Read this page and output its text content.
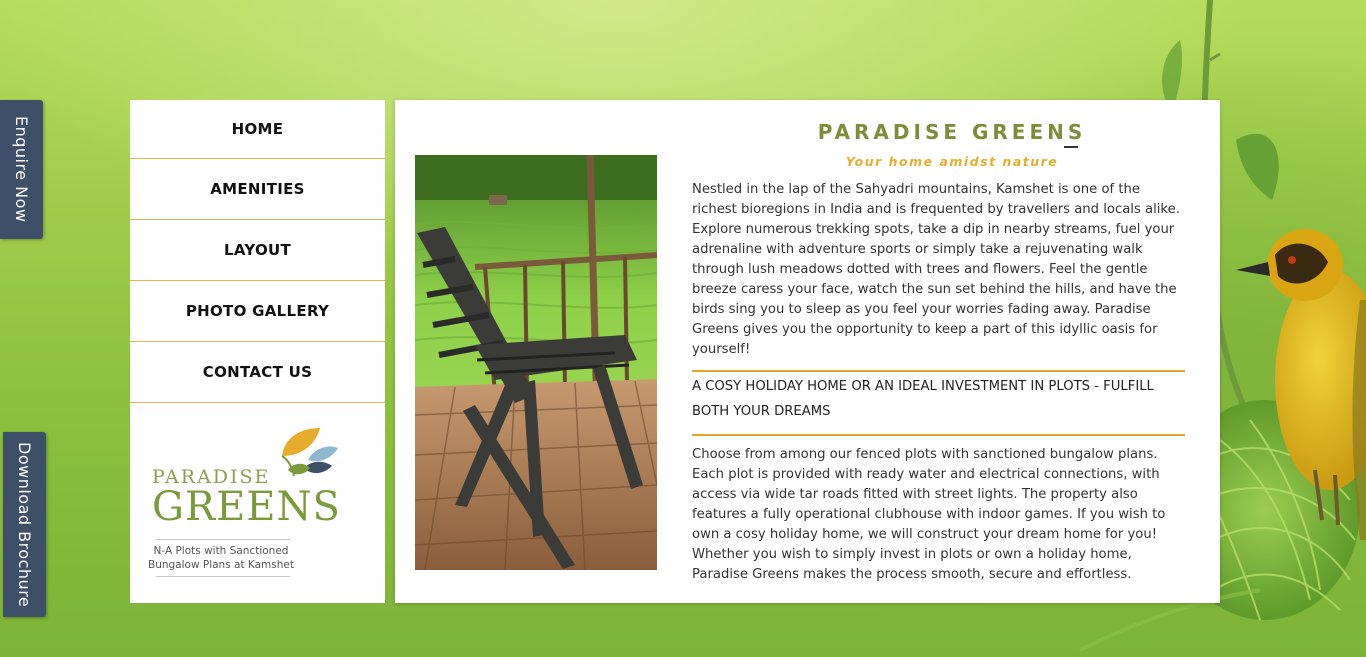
Enquire Now
Download Brochure
HOME
AMENITIES
LAYOUT
PHOTO GALLERY
CONTACT US
PARADISE
GREENS
N-A Plots with Sanctioned
Bungalow Plans at Kamshet
PARADISE GREENS
Your home amidst nature

Nestled in the lap of the Sahyadri mountains, Kamshet is one of the richest bioregions in India and is frequented by travellers and locals alike. Explore numerous trekking spots, take a dip in nearby streams, fuel your adrenaline with adventure sports or simply take a rejuvenating walk through lush meadows dotted with trees and flowers. Feel the gentle breeze caress your face, watch the sun set behind the hills, and have the birds sing you to sleep as you feel your worries fading away. Paradise Greens gives you the opportunity to keep a part of this idyllic oasis for yourself!

A COSY HOLIDAY HOME OR AN IDEAL INVESTMENT IN PLOTS - FULFILL BOTH YOUR DREAMS

Choose from among our fenced plots with sanctioned bungalow plans. Each plot is provided with ready water and electrical connections, with access via wide tar roads fitted with street lights. The property also features a fully operational clubhouse with indoor games. If you wish to own a cosy holiday home, we will construct your dream home for you! Whether you wish to simply invest in plots or own a holiday home, Paradise Greens makes the process smooth, secure and effortless.
